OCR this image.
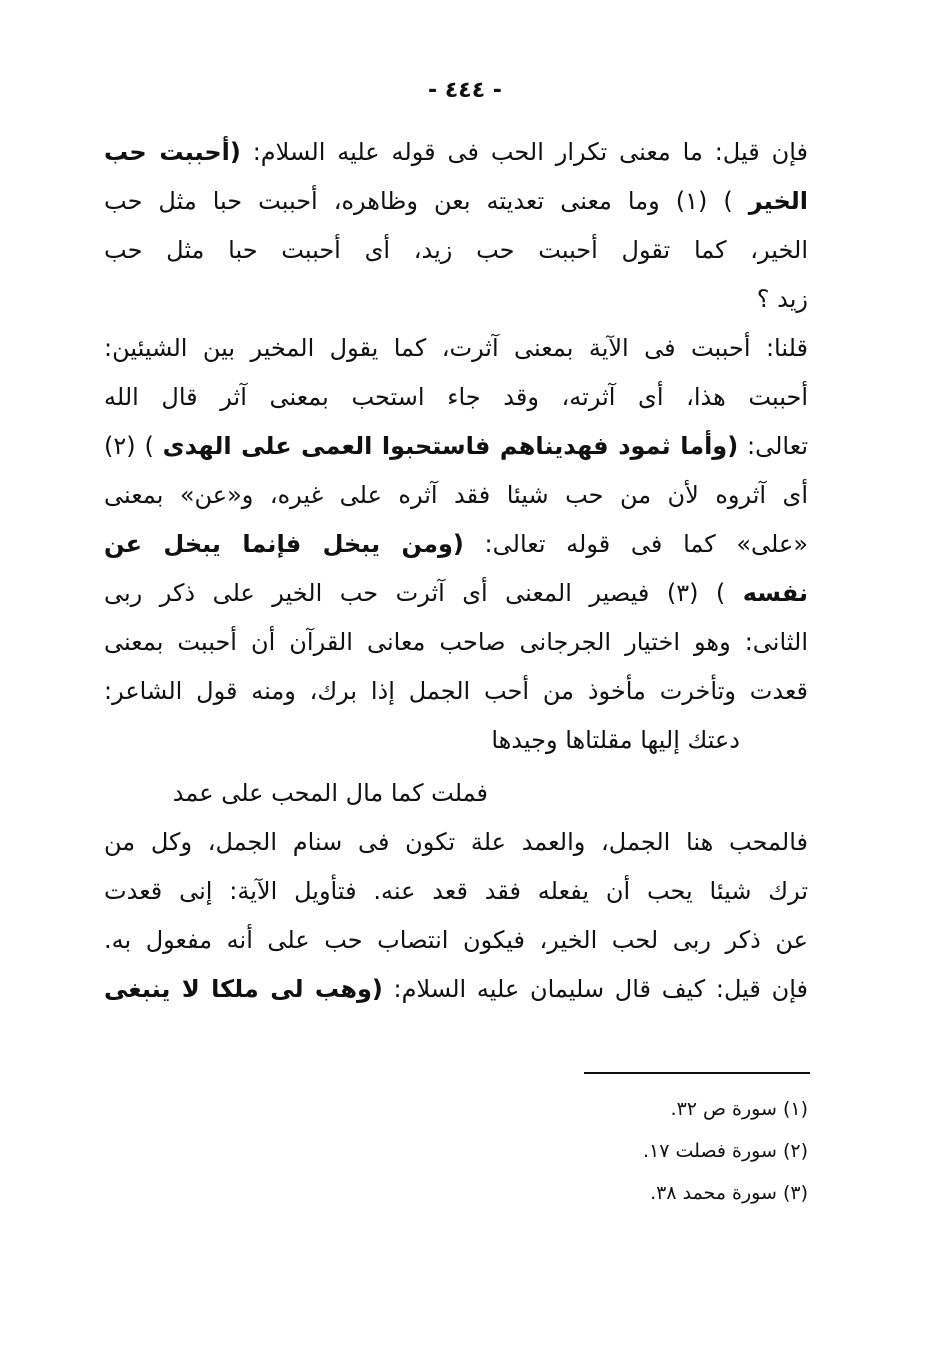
- ٤٤٤ -
فإن قيل: ما معنى تكرار الحب فى قوله عليه السلام: (أحببت حب
الخير ) (١) وما معنى تعديته بعن وظاهره، أحببت حبا مثل حب
الخير، كما تقول أحببت حب زيد، أى أحببت حبا مثل حب
زيد ؟
قلنا: أحببت فى الآية بمعنى آثرت، كما يقول المخير بين الشيئين:
أحببت هذا، أى آثرته، وقد جاء استحب بمعنى آثر قال الله
تعالى: (وأما ثمود فهديناهم فاستحبوا العمى على الهدى ) (٢)
أى آثروه لأن من حب شيئا فقد آثره على غيره، و«عن» بمعنى
«على» كما فى قوله تعالى: (ومن يبخل فإنما يبخل عن
نفسه ) (٣) فيصير المعنى أى آثرت حب الخير على ذكر ربى
الثانى: وهو اختيار الجرجانى صاحب معانى القرآن أن أحببت بمعنى
قعدت وتأخرت مأخوذ من أحب الجمل إذا برك، ومنه قول الشاعر:
دعتك إليها مقلتاها وجيدها
فملت كما مال المحب على عمد
فالمحب هنا الجمل، والعمد علة تكون فى سنام الجمل، وكل من
ترك شيئا يحب أن يفعله فقد قعد عنه. فتأويل الآية: إنى قعدت
عن ذكر ربى لحب الخير، فيكون انتصاب حب على أنه مفعول به.
فإن قيل: كيف قال سليمان عليه السلام: (وهب لى ملكا لا ينبغى
(١) سورة ص ٣٢.
(٢) سورة فصلت ١٧.
(٣) سورة محمد ٣٨.
